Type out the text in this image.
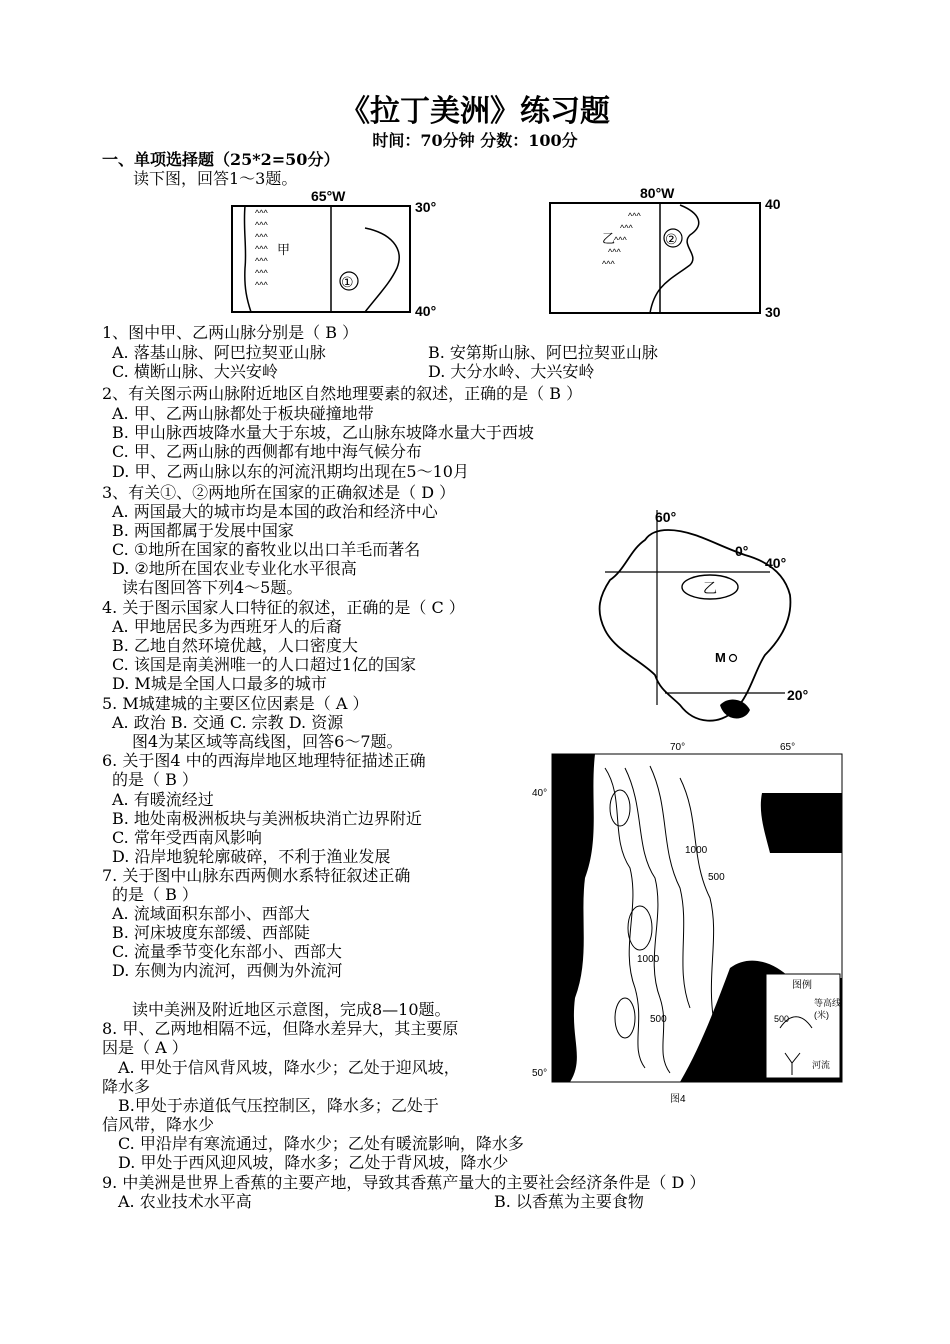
《拉丁美洲》练习题
时间：70分钟 分数：100分
一、单项选择题（25*2=50分）
读下图，回答1～3题。
1、图中甲、乙两山脉分别是（ B ）
A. 落基山脉、阿巴拉契亚山脉	B. 安第斯山脉、阿巴拉契亚山脉
C. 横断山脉、大兴安岭	D. 大分水岭、大兴安岭
2、有关图示两山脉附近地区自然地理要素的叙述，正确的是（ B ）
A. 甲、乙两山脉都处于板块碰撞地带
B. 甲山脉西坡降水量大于东坡，乙山脉东坡降水量大于西坡
C. 甲、乙两山脉的西侧都有地中海气候分布
D. 甲、乙两山脉以东的河流汛期均出现在5～10月
3、有关①、②两地所在国家的正确叙述是（ D ）
A. 两国最大的城市均是本国的政治和经济中心
B. 两国都属于发展中国家
C. ①地所在国家的畜牧业以出口羊毛而著名
D. ②地所在国农业专业化水平很高
读右图回答下列4～5题。
4. 关于图示国家人口特征的叙述，正确的是（ C ）
A. 甲地居民多为西班牙人的后裔
B. 乙地自然环境优越，人口密度大
C. 该国是南美洲唯一的人口超过1亿的国家
D. M城是全国人口最多的城市
5. M城建城的主要区位因素是（ A ）
A. 政治 B. 交通 C. 宗教 D. 资源
图4为某区域等高线图，回答6～7题。
6. 关于图4 中的西海岸地区地理特征描述正确
的是（ B ）
A. 有暖流经过
B. 地处南极洲板块与美洲板块消亡边界附近
C. 常年受西南风影响
D. 沿岸地貌轮廓破碎，不利于渔业发展
7. 关于图中山脉东西两侧水系特征叙述正确
的是（ B ）
A. 流域面积东部小、西部大
B. 河床坡度东部缓、西部陡
C. 流量季节变化东部小、西部大
D. 东侧为内流河，西侧为外流河
读中美洲及附近地区示意图，完成8—10题。
8. 甲、乙两地相隔不远，但降水差异大，其主要原
因是（ A ）
A. 甲处于信风背风坡，降水少；乙处于迎风坡，
降水多
B.甲处于赤道低气压控制区，降水多；乙处于
信风带，降水少
C. 甲沿岸有寒流通过，降水少；乙处有暖流影响，降水多
D. 甲处于西风迎风坡，降水多；乙处于背风坡，降水少
9. 中美洲是世界上香蕉的主要产地，导致其香蕉产量大的主要社会经济条件是（ D ）
A. 农业技术水平高	B. 以香蕉为主要食物
^^^
^^^
^^^
^^^
^^^
^^^
^^^
65°W
30°
40°
甲
①
^^^
^^^
^^^
^^^
^^^
80°W
40
30
乙	②
60°
0°
40°
20°
乙
M
70°	65°
40°
50°
1000
500
1000
500
图例
等高线
(米)
500
河流
图4
